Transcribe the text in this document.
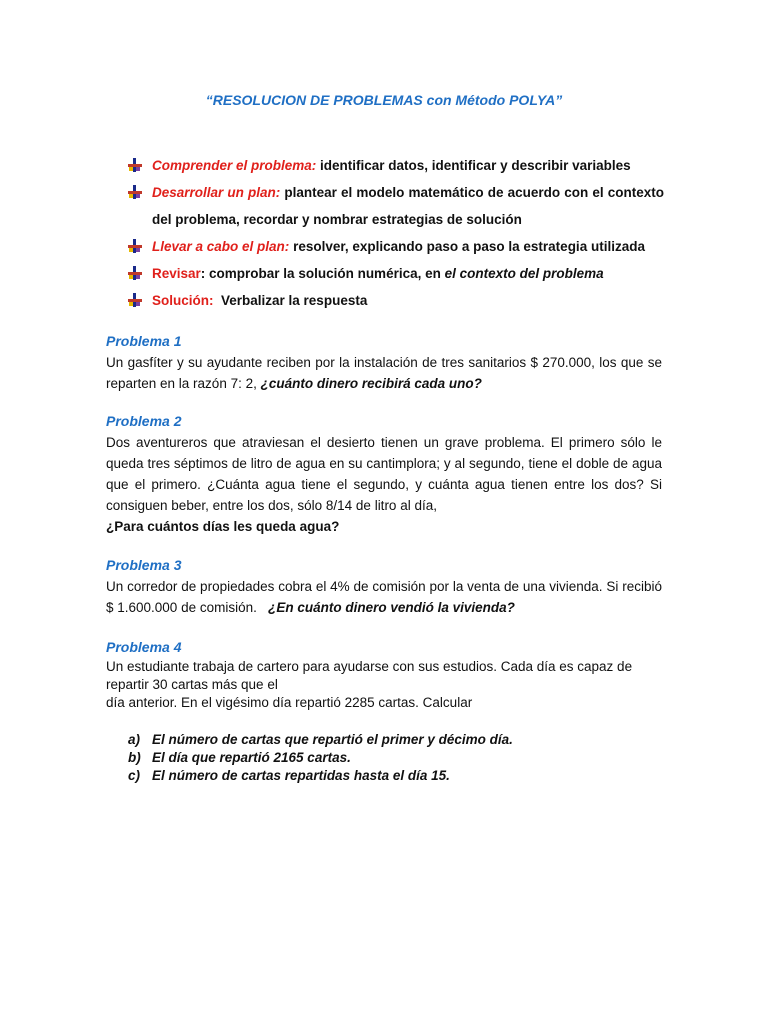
“RESOLUCION DE PROBLEMAS con Método POLYA”
Comprender el problema: identificar datos, identificar y describir variables
Desarrollar un plan: plantear el modelo matemático de acuerdo con el contexto del problema, recordar y nombrar estrategias de solución
Llevar a cabo el plan: resolver, explicando paso a paso la estrategia utilizada
Revisar: comprobar la solución numérica, en el contexto del problema
Solución:  Verbalizar la respuesta
Problema 1
Un gasfíter y su ayudante reciben por la instalación de tres sanitarios $ 270.000, los que se reparten en la razón 7: 2, ¿cuánto dinero recibirá cada uno?
Problema 2
Dos aventureros que atraviesan el desierto tienen un grave problema. El primero sólo le queda tres séptimos de litro de agua en su cantimplora; y al segundo, tiene el doble de agua que el primero. ¿Cuánta agua tiene el segundo, y cuánta agua tienen entre los dos? Si consiguen beber, entre los dos, sólo 8/14 de litro al día,
¿Para cuántos días les queda agua?
Problema 3
Un corredor de propiedades cobra el 4% de comisión por la venta de una vivienda. Si recibió $ 1.600.000 de comisión.   ¿En cuánto dinero vendió la vivienda?
Problema 4
Un estudiante trabaja de cartero para ayudarse con sus estudios. Cada día es capaz de repartir 30 cartas más que el
día anterior. En el vigésimo día repartió 2285 cartas. Calcular
a) El número de cartas que repartió el primer y décimo día.
b) El día que repartió 2165 cartas.
c) El número de cartas repartidas hasta el día 15.
